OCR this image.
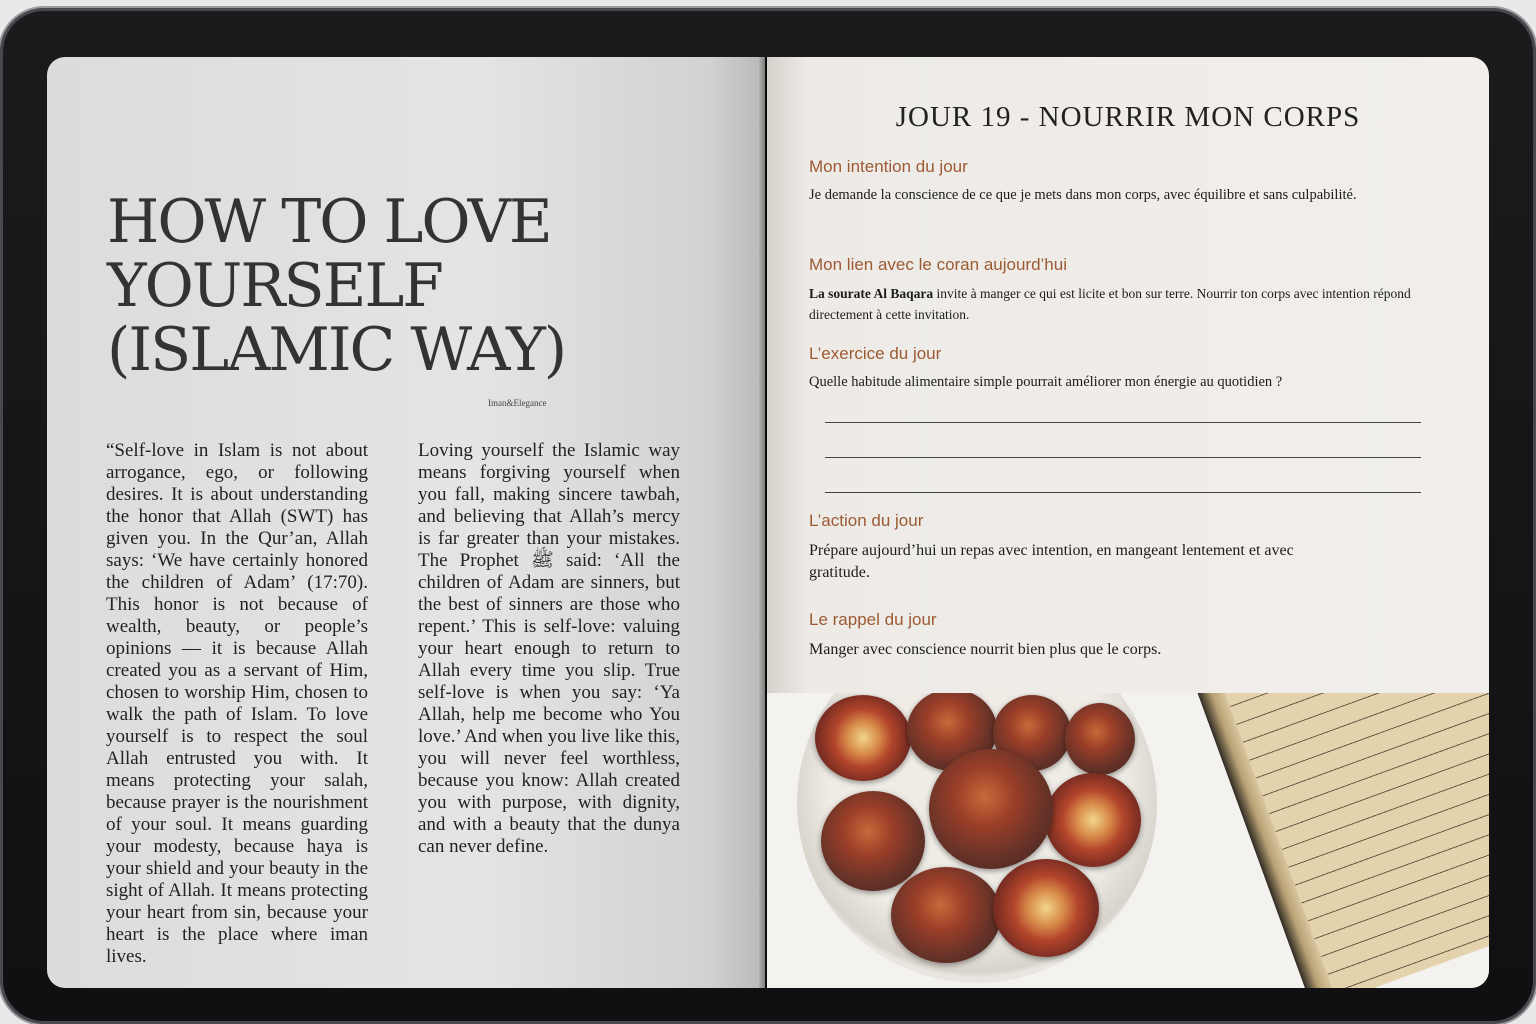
HOW TO LOVE
YOURSELF
(ISLAMIC WAY)
Iman&Elegance

“Self-love in Islam is not about arrogance, ego, or following desires. It is about understanding the honor that Allah (SWT) has given you. In the Qur’an, Allah says: ‘We have certainly honored the children of Adam’ (17:70). This honor is not because of wealth, beauty, or people’s opinions — it is because Allah created you as a servant of Him, chosen to worship Him, chosen to walk the path of Islam. To love yourself is to respect the soul Allah entrusted you with. It means protecting your salah, because prayer is the nourishment of your soul. It means guarding your modesty, because haya is your shield and your beauty in the sight of Allah. It means protecting your heart from sin, because your heart is the place where iman lives.

Loving yourself the Islamic way means forgiving yourself when you fall, making sincere tawbah, and believing that Allah’s mercy is far greater than your mistakes. The Prophet ﷺ said: ‘All the children of Adam are sinners, but the best of sinners are those who repent.’ This is self-love: valuing your heart enough to return to Allah every time you slip. True self-love is when you say: ‘Ya Allah, help me become who You love.’ And when you live like this, you will never feel worthless, because you know: Allah created you with purpose, with dignity, and with a beauty that the dunya can never define.

JOUR 19 - NOURRIR MON CORPS
Mon intention du jour

Je demande la conscience de ce que je mets dans mon corps, avec équilibre et sans culpabilité.

Mon lien avec le coran aujourd’hui

La sourate Al Baqara invite à manger ce qui est licite et bon sur terre. Nourrir ton corps avec intention répond directement à cette invitation.

L’exercice du jour

Quelle habitude alimentaire simple pourrait améliorer mon énergie au quotidien ?

L’action du jour

Prépare aujourd’hui un repas avec intention, en mangeant lentement et avec gratitude.

Le rappel du jour

Manger avec conscience nourrit bien plus que le corps.
